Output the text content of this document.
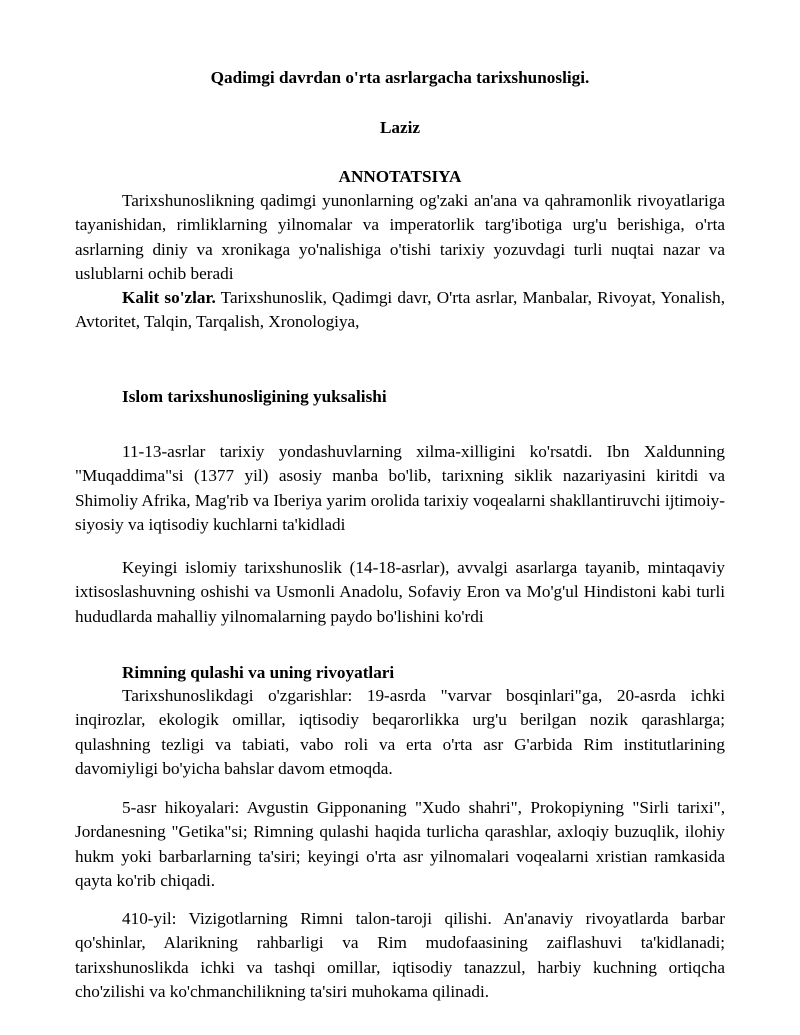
Qadimgi davrdan o'rta asrlargacha tarixshunosligi.
Laziz
ANNOTATSIYA

Tarixshunoslikning qadimgi yunonlarning og'zaki an'ana va qahramonlik rivoyatlariga tayanishidan, rimliklarning yilnomalar va imperatorlik targ'ibotiga urg'u berishiga, o'rta asrlarning diniy va xronikaga yo'nalishiga o'tishi tarixiy yozuvdagi turli nuqtai nazar va uslublarni ochib beradi

Kalit so'zlar. Tarixshunoslik, Qadimgi davr, O'rta asrlar, Manbalar, Rivoyat, Yonalish, Avtoritet, Talqin, Tarqalish, Xronologiya,

Islom tarixshunosligining yuksalishi

11-13-asrlar tarixiy yondashuvlarning xilma-xilligini ko'rsatdi. Ibn Xaldunning "Muqaddima"si (1377 yil) asosiy manba bo'lib, tarixning siklik nazariyasini kiritdi va Shimoliy Afrika, Mag'rib va Iberiya yarim orolida tarixiy voqealarni shakllantiruvchi ijtimoiy-siyosiy va iqtisodiy kuchlarni ta'kidladi

Keyingi islomiy tarixshunoslik (14-18-asrlar), avvalgi asarlarga tayanib, mintaqaviy ixtisoslashuvning oshishi va Usmonli Anadolu, Sofaviy Eron va Mo'g'ul Hindistoni kabi turli hududlarda mahalliy yilnomalarning paydo bo'lishini ko'rdi

Rimning qulashi va uning rivoyatlari

Tarixshunoslikdagi o'zgarishlar: 19-asrda "varvar bosqinlari"ga, 20-asrda ichki inqirozlar, ekologik omillar, iqtisodiy beqarorlikka urg'u berilgan nozik qarashlarga; qulashning tezligi va tabiati, vabo roli va erta o'rta asr G'arbida Rim institutlarining davomiyligi bo'yicha bahslar davom etmoqda.

5-asr hikoyalari: Avgustin Gipponaning "Xudo shahri", Prokopiyning "Sirli tarixi", Jordanesning "Getika"si; Rimning qulashi haqida turlicha qarashlar, axloqiy buzuqlik, ilohiy hukm yoki barbarlarning ta'siri; keyingi o'rta asr yilnomalari voqealarni xristian ramkasida qayta ko'rib chiqadi.

410-yil: Vizigotlarning Rimni talon-taroji qilishi. An'anaviy rivoyatlarda barbar qo'shinlar, Alarikning rahbarligi va Rim mudofaasining zaiflashuvi ta'kidlanadi; tarixshunoslikda ichki va tashqi omillar, iqtisodiy tanazzul, harbiy kuchning ortiqcha cho'zilishi va ko'chmanchilikning ta'siri muhokama qilinadi.
